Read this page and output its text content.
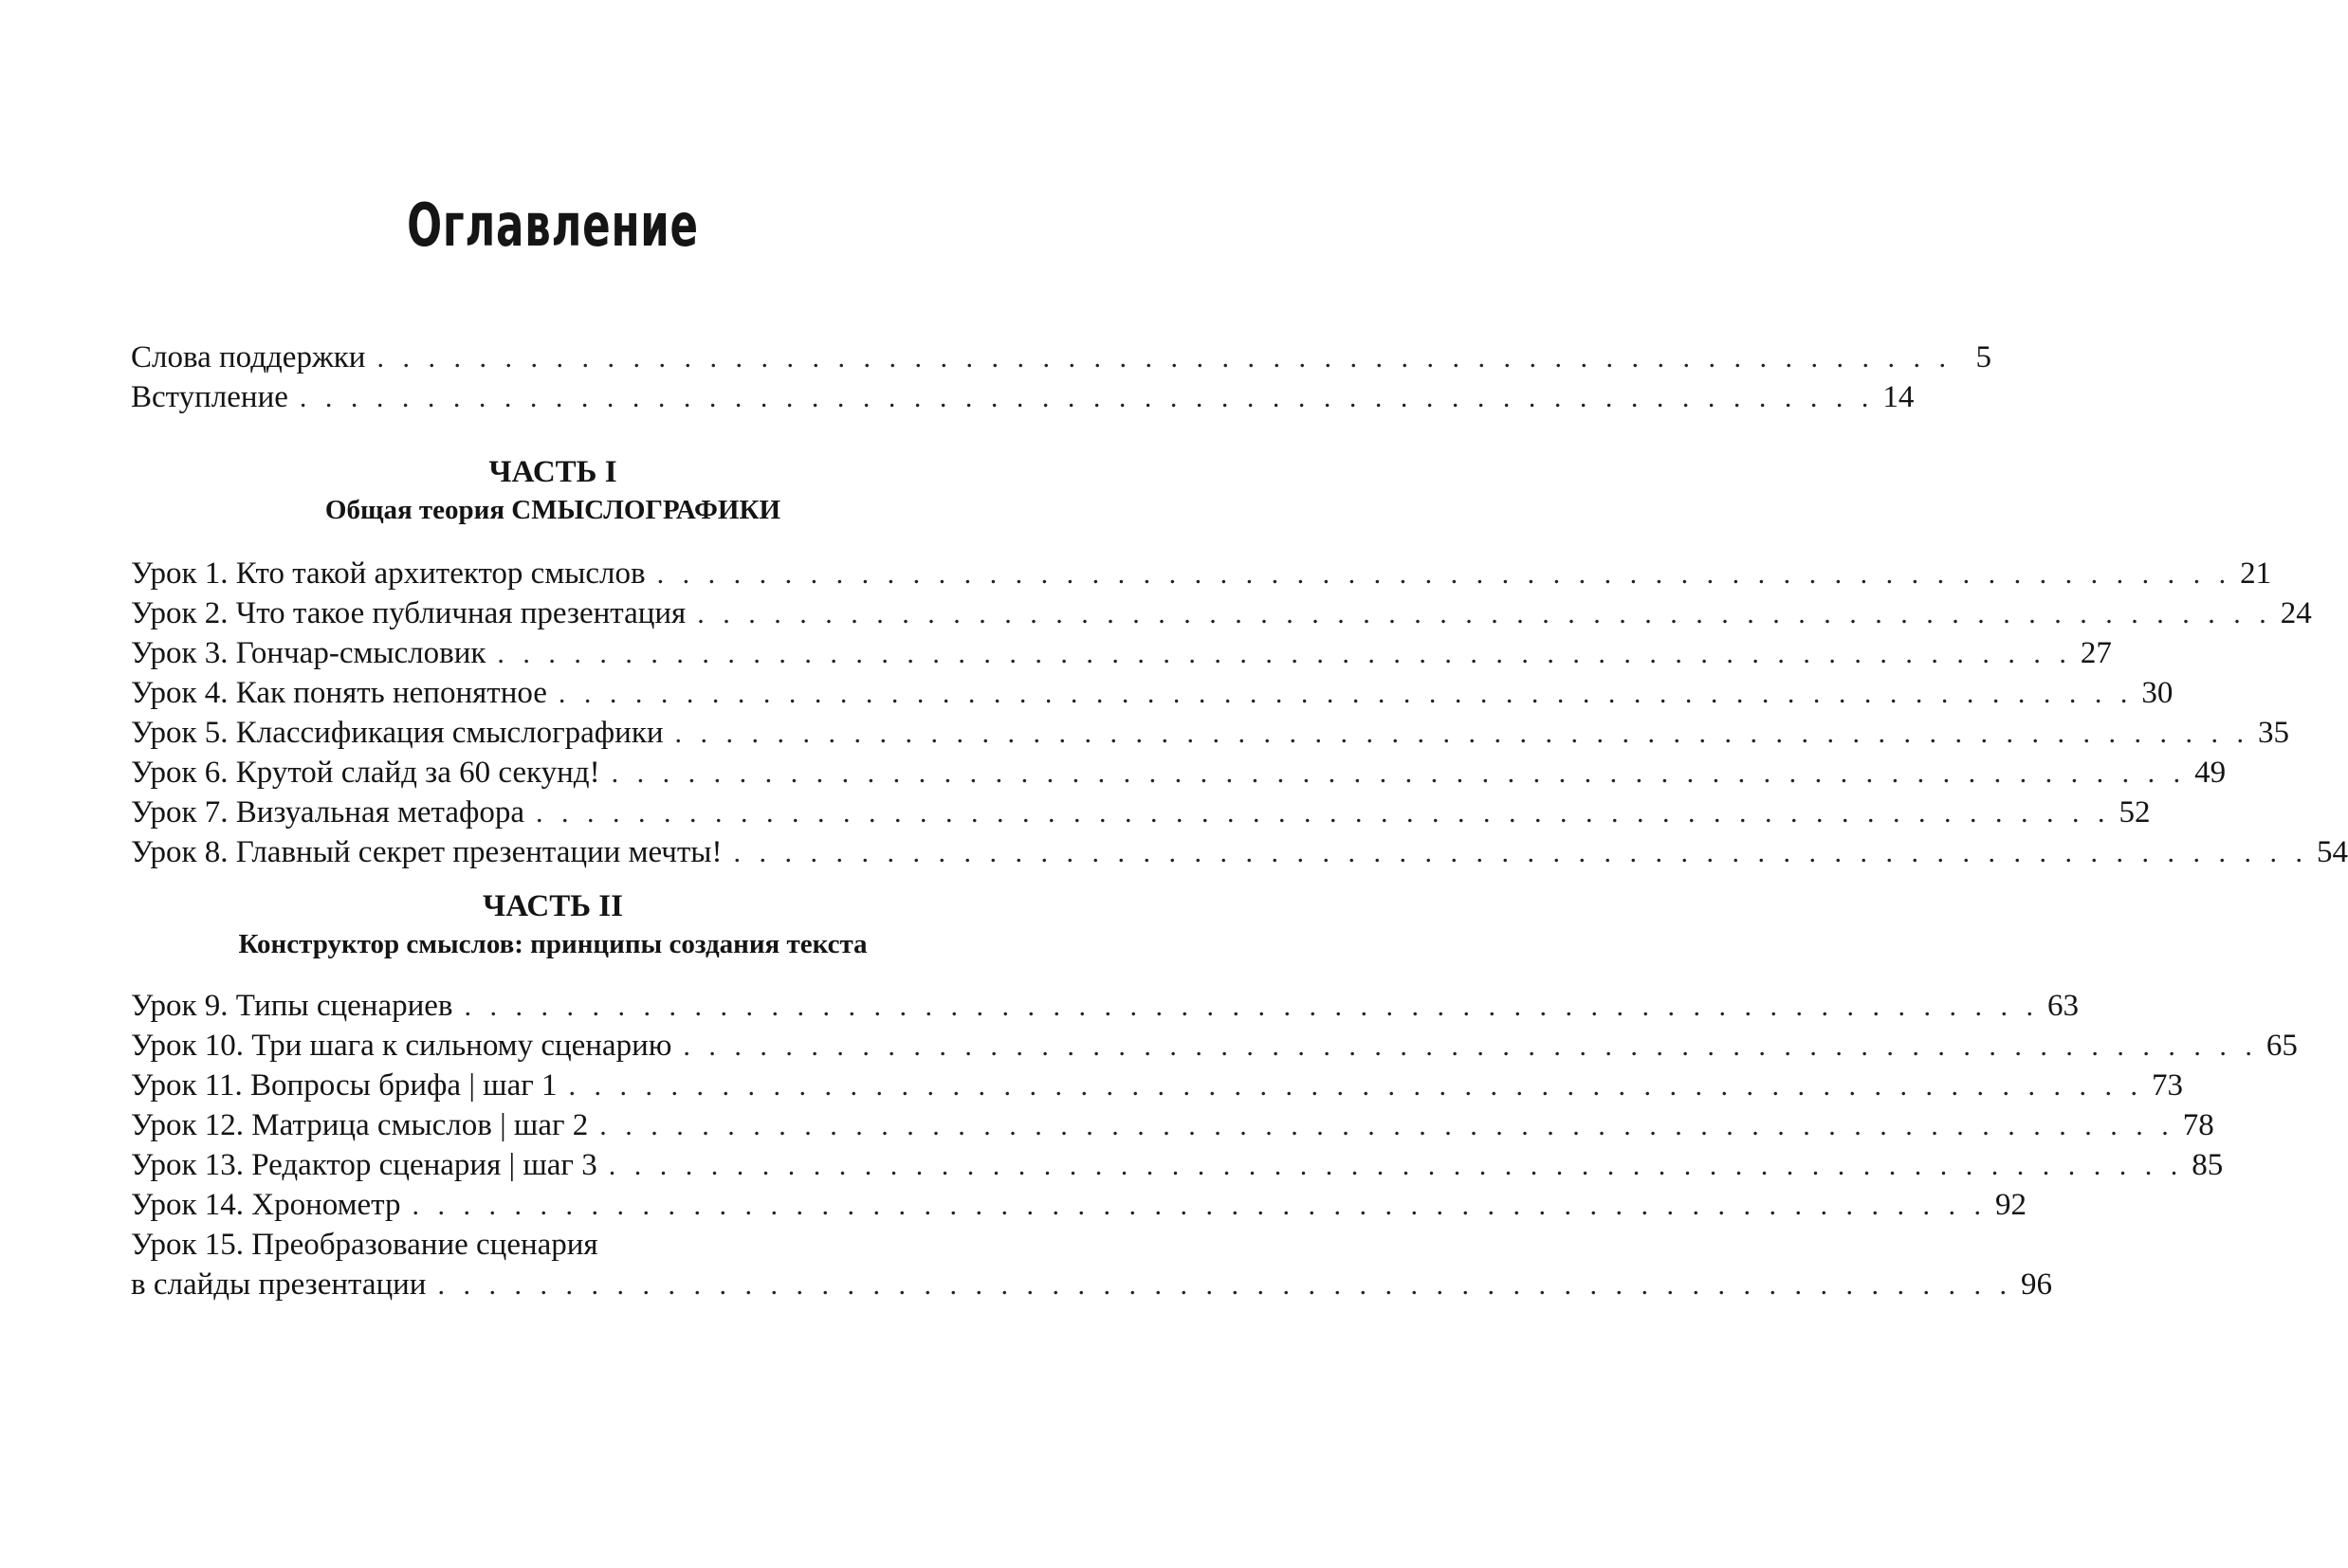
Оглавление
Слова поддержки . . . . . . . . . . . . . . . . . . . . . . . . . . . . . . . . . . . . . . . . . . . . . . . . . . . . . . . . . . . . . . 5
Вступление . . . . . . . . . . . . . . . . . . . . . . . . . . . . . . . . . . . . . . . . . . . . . . . . . . . . . . . . . . . . . . 14
ЧАСТЬ I
Общая теория СМЫСЛОГРАФИКИ
Урок 1. Кто такой архитектор смыслов . . . . . . . . . . . . . . . . . . . . . . . . . . . . . . . . . . . . . . . . . . . . . . . . . . . . . . . . . . . . . . 21
Урок 2. Что такое публичная презентация . . . . . . . . . . . . . . . . . . . . . . . . . . . . . . . . . . . . . . . . . . . . . . . . . . . . . . . . . . . . . . 24
Урок 3. Гончар-смысловик . . . . . . . . . . . . . . . . . . . . . . . . . . . . . . . . . . . . . . . . . . . . . . . . . . . . . . . . . . . . . . 27
Урок 4. Как понять непонятное . . . . . . . . . . . . . . . . . . . . . . . . . . . . . . . . . . . . . . . . . . . . . . . . . . . . . . . . . . . . . . 30
Урок 5. Классификация смыслографики . . . . . . . . . . . . . . . . . . . . . . . . . . . . . . . . . . . . . . . . . . . . . . . . . . . . . . . . . . . . . . 35
Урок 6. Крутой слайд за 60 секунд! . . . . . . . . . . . . . . . . . . . . . . . . . . . . . . . . . . . . . . . . . . . . . . . . . . . . . . . . . . . . . . 49
Урок 7. Визуальная метафора . . . . . . . . . . . . . . . . . . . . . . . . . . . . . . . . . . . . . . . . . . . . . . . . . . . . . . . . . . . . . . 52
Урок 8. Главный секрет презентации мечты! . . . . . . . . . . . . . . . . . . . . . . . . . . . . . . . . . . . . . . . . . . . . . . . . . . . . . . . . . . . . . . 54
ЧАСТЬ II
Конструктор смыслов: принципы создания текста
Урок 9. Типы сценариев . . . . . . . . . . . . . . . . . . . . . . . . . . . . . . . . . . . . . . . . . . . . . . . . . . . . . . . . . . . . . . 63
Урок 10. Три шага к сильному сценарию . . . . . . . . . . . . . . . . . . . . . . . . . . . . . . . . . . . . . . . . . . . . . . . . . . . . . . . . . . . . . . 65
Урок 11. Вопросы брифа | шаг 1 . . . . . . . . . . . . . . . . . . . . . . . . . . . . . . . . . . . . . . . . . . . . . . . . . . . . . . . . . . . . . . 73
Урок 12. Матрица смыслов | шаг 2 . . . . . . . . . . . . . . . . . . . . . . . . . . . . . . . . . . . . . . . . . . . . . . . . . . . . . . . . . . . . . . 78
Урок 13. Редактор сценария | шаг 3 . . . . . . . . . . . . . . . . . . . . . . . . . . . . . . . . . . . . . . . . . . . . . . . . . . . . . . . . . . . . . . 85
Урок 14. Хронометр . . . . . . . . . . . . . . . . . . . . . . . . . . . . . . . . . . . . . . . . . . . . . . . . . . . . . . . . . . . . . . 92
Урок 15. Преобразование сценария
в слайды презентации . . . . . . . . . . . . . . . . . . . . . . . . . . . . . . . . . . . . . . . . . . . . . . . . . . . . . . . . . . . . . . 96
